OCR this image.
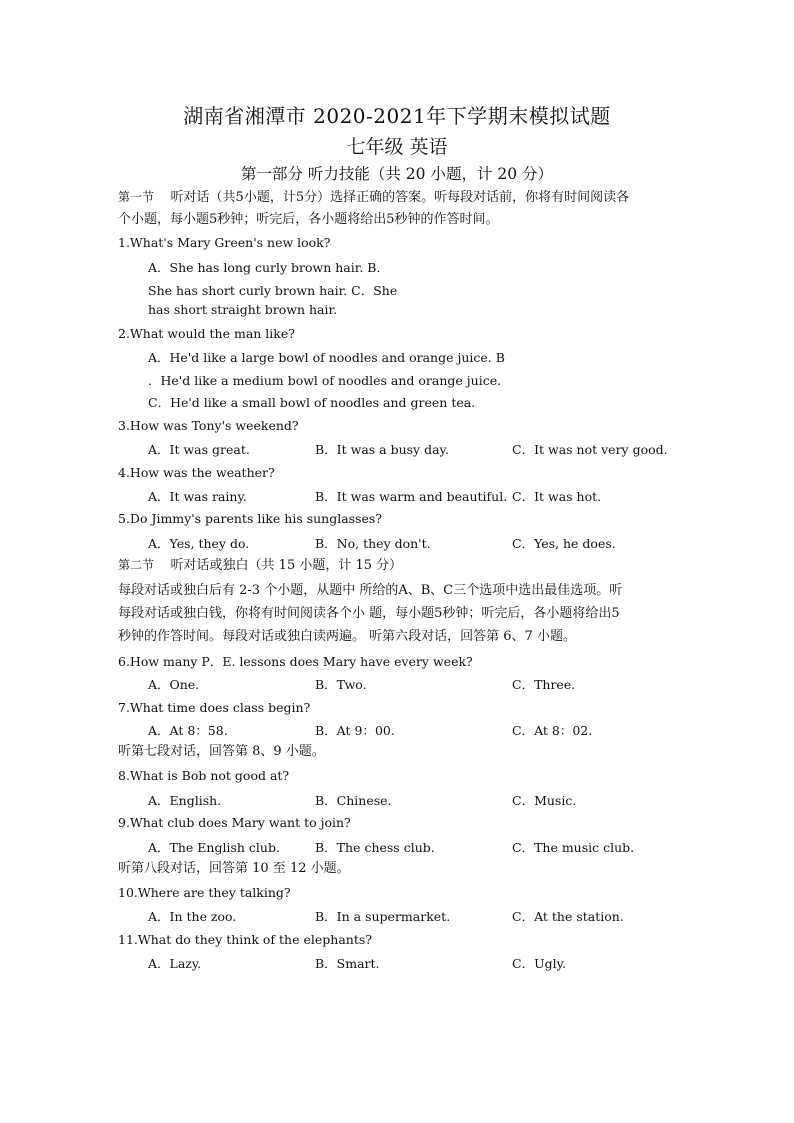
湖南省湘潭市 2020-2021年下学期末模拟试题
七年级 英语
第一部分 听力技能（共 20 小题，计 20 分）
第一节 听对话（共5小题，计5分）选择正确的答案。听每段对话前，你将有时间阅读各
个小题，每小题5秒钟；听完后，各小题将给出5秒钟的作答时间。
1.What's Mary Green's new look?
A．She has long curly brown hair. B．
She has short curly brown hair. C．She
has short straight brown hair.
2.What would the man like?
A．He'd like a large bowl of noodles and orange juice. B
．He'd like a medium bowl of noodles and orange juice.
C．He'd like a small bowl of noodles and green tea.
3.How was Tony's weekend?
A．It was great.	B．It was a busy day.	C．It was not very good.
4.How was the weather?
A．It was rainy.	B．It was warm and beautiful. C．It was hot.
5.Do Jimmy's parents like his sunglasses?
A．Yes, they do.	B．No, they don't.	C．Yes, he does.
第二节 听对话或独白（共 15 小题，计 15 分）
每段对话或独白后有 2-3 个小题，从题中 所给的A、B、C三个选项中选出最佳选项。听
每段对话或独白钱，你将有时间阅读各个小 题，每小题5秒钟；听完后，各小题将给出5
秒钟的作答时间。每段对话或独白读两遍。 听第六段对话，回答第 6、7 小题。
6.How many P．E. lessons does Mary have every week?
A．One.	B．Two.	C．Three.
7.What time does class begin?
A．At 8：58.	B．At 9：00.	C．At 8：02.
听第七段对话，回答第 8、9 小题。
8.What is Bob not good at?
A．English.	B．Chinese.	C．Music.
9.What club does Mary want to join?
A．The English club.	B．The chess club.	C．The music club.
听第八段对话，回答第 10 至 12 小题。
10.Where are they talking?
A．In the zoo.	B．In a supermarket.	C．At the station.
11.What do they think of the elephants?
A．Lazy.	B．Smart.	C．Ugly.
